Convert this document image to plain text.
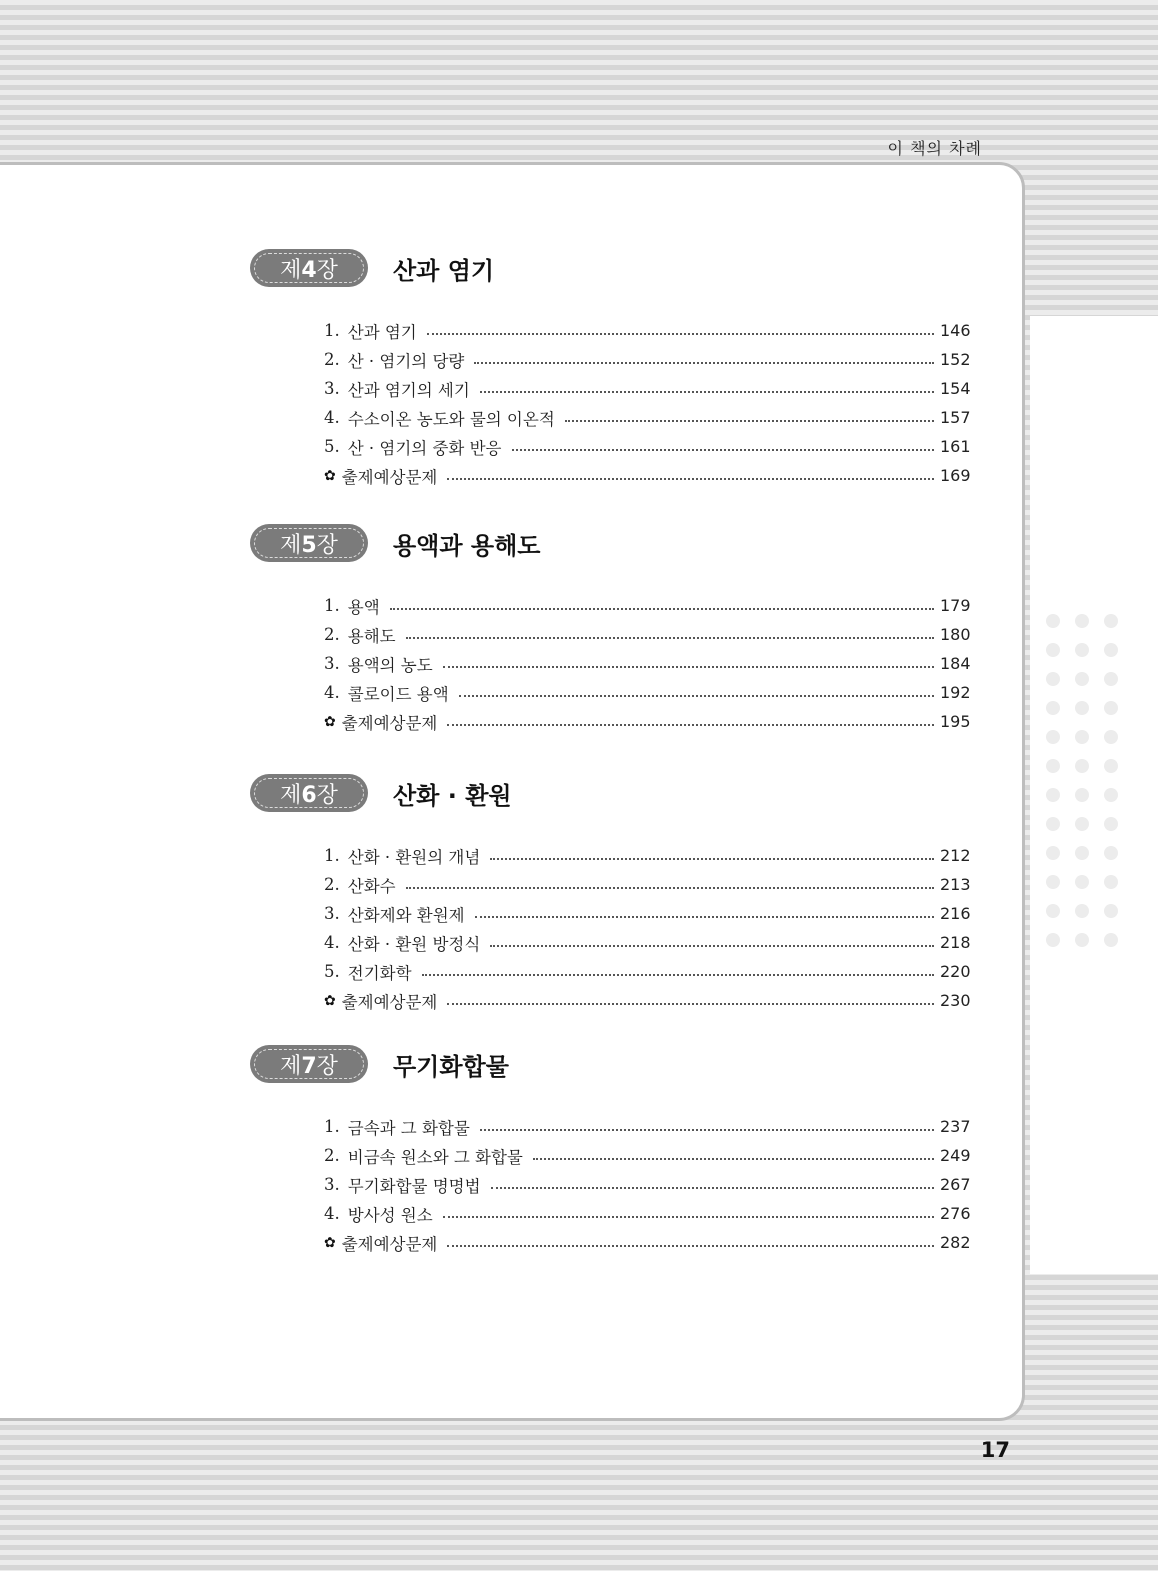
이 책의 차례
제4장 산과 염기
1. 산과 염기	146
2. 산 · 염기의 당량	152
3. 산과 염기의 세기	154
4. 수소이온 농도와 물의 이온적	157
5. 산 · 염기의 중화 반응	161
✿ 출제예상문제	169
제5장 용액과 용해도
1. 용액	179
2. 용해도	180
3. 용액의 농도	184
4. 콜로이드 용액	192
✿ 출제예상문제	195
제6장 산화 · 환원
1. 산화 · 환원의 개념	212
2. 산화수	213
3. 산화제와 환원제	216
4. 산화 · 환원 방정식	218
5. 전기화학	220
✿ 출제예상문제	230
제7장 무기화합물
1. 금속과 그 화합물	237
2. 비금속 원소와 그 화합물	249
3. 무기화합물 명명법	267
4. 방사성 원소	276
✿ 출제예상문제	282
17
